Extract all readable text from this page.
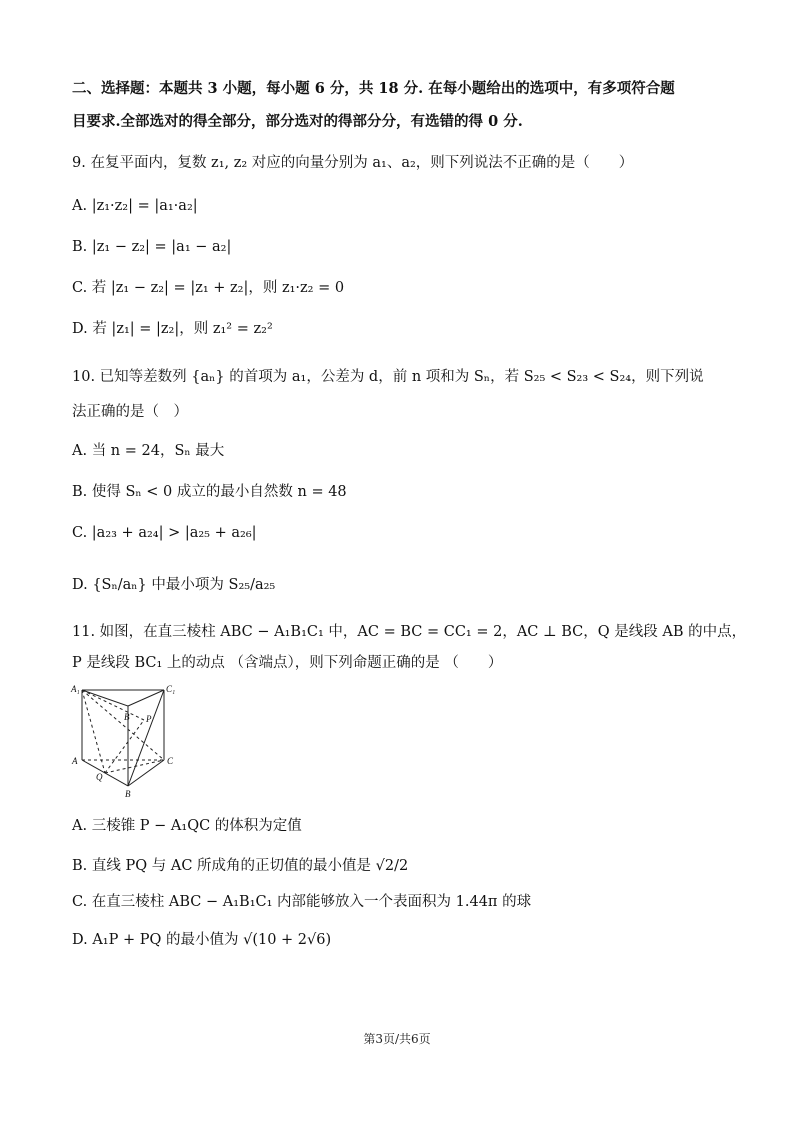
二、选择题：本题共 3 小题，每小题 6 分，共 18 分. 在每小题给出的选项中，有多项符合题
目要求.全部选对的得全部分，部分选对的得部分分，有选错的得 0 分.
9. 在复平面内，复数 z₁, z₂ 对应的向量分别为 a₁、a₂，则下列说法不正确的是（　　）
A. |z₁·z₂| = |a₁·a₂|
B. |z₁ − z₂| = |a₁ − a₂|
C. 若 |z₁ − z₂| = |z₁ + z₂|，则 z₁·z₂ = 0
D. 若 |z₁| = |z₂|，则 z₁² = z₂²
10. 已知等差数列 {aₙ} 的首项为 a₁，公差为 d，前 n 项和为 Sₙ，若 S₂₅ < S₂₃ < S₂₄，则下列说
法正确的是（　）
A. 当 n = 24，Sₙ 最大
B. 使得 Sₙ < 0 成立的最小自然数 n = 48
C. |a₂₃ + a₂₄| > |a₂₅ + a₂₆|
D. {Sₙ/aₙ} 中最小项为 S₂₅/a₂₅
11. 如图，在直三棱柱 ABC − A₁B₁C₁ 中，AC = BC = CC₁ = 2，AC ⊥ BC，Q 是线段 AB 的中点，
P 是线段 BC₁ 上的动点 （含端点），则下列命题正确的是 （　　）
A₁	C₁
B P
A	C
Q
B
A. 三棱锥 P − A₁QC 的体积为定值
B. 直线 PQ 与 AC 所成角的正切值的最小值是 √2/2
C. 在直三棱柱 ABC − A₁B₁C₁ 内部能够放入一个表面积为 1.44π 的球
D. A₁P + PQ 的最小值为 √(10 + 2√6)
第3页/共6页
